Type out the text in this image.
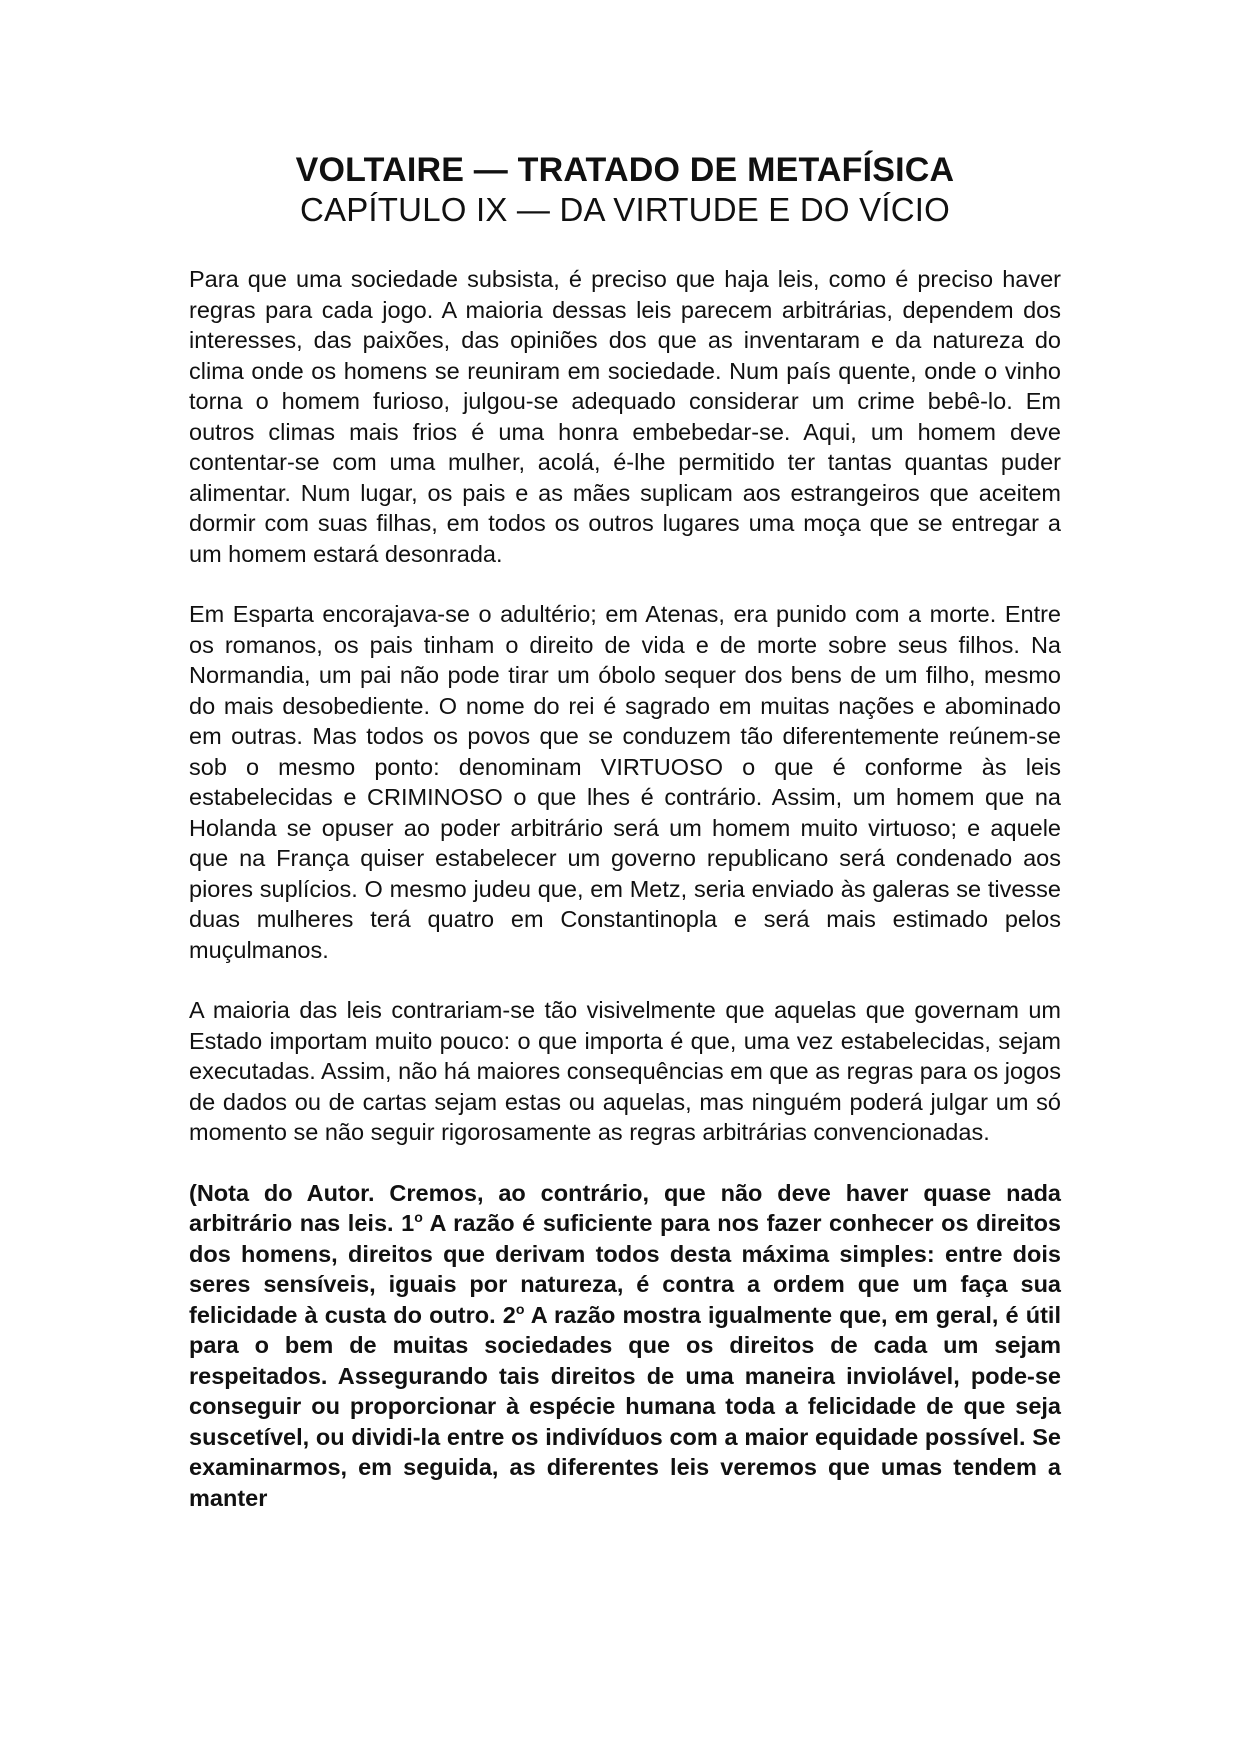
VOLTAIRE — TRATADO DE METAFÍSICA
CAPÍTULO IX — DA VIRTUDE E DO VÍCIO

Para que uma sociedade subsista, é preciso que haja leis, como é preciso haver regras para cada jogo. A maioria dessas leis parecem arbitrárias, dependem dos interesses, das paixões, das opiniões dos que as inventaram e da natureza do clima onde os homens se reuniram em sociedade. Num país quente, onde o vinho torna o homem furioso, julgou-se adequado considerar um crime bebê-lo. Em outros climas mais frios é uma honra embebedar-se. Aqui, um homem deve contentar-se com uma mulher, acolá, é-lhe permitido ter tantas quantas puder alimentar. Num lugar, os pais e as mães suplicam aos estrangeiros que aceitem dormir com suas filhas, em todos os outros lugares uma moça que se entregar a um homem estará desonrada.

Em Esparta encorajava-se o adultério; em Atenas, era punido com a morte. Entre os romanos, os pais tinham o direito de vida e de morte sobre seus filhos. Na Normandia, um pai não pode tirar um óbolo sequer dos bens de um filho, mesmo do mais desobediente. O nome do rei é sagrado em muitas nações e abominado em outras. Mas todos os povos que se conduzem tão diferentemente reúnem-se sob o mesmo ponto: denominam VIRTUOSO o que é conforme às leis estabelecidas e CRIMINOSO o que lhes é contrário. Assim, um homem que na Holanda se opuser ao poder arbitrário será um homem muito virtuoso; e aquele que na França quiser estabelecer um governo republicano será condenado aos piores suplícios. O mesmo judeu que, em Metz, seria enviado às galeras se tivesse duas mulheres terá quatro em Constantinopla e será mais estimado pelos muçulmanos.

A maioria das leis contrariam-se tão visivelmente que aquelas que governam um Estado importam muito pouco: o que importa é que, uma vez estabelecidas, sejam executadas. Assim, não há maiores consequências em que as regras para os jogos de dados ou de cartas sejam estas ou aquelas, mas ninguém poderá julgar um só momento se não seguir rigorosamente as regras arbitrárias convencionadas.

(Nota do Autor. Cremos, ao contrário, que não deve haver quase nada arbitrário nas leis. 1$^o$ A razão é suficiente para nos fazer conhecer os direitos dos homens, direitos que derivam todos desta máxima simples: entre dois seres sensíveis, iguais por natureza, é contra a ordem que um faça sua felicidade à custa do outro. 2$^o$ A razão mostra igualmente que, em geral, é útil para o bem de muitas sociedades que os direitos de cada um sejam respeitados. Assegurando tais direitos de uma maneira inviolável, pode-se conseguir ou proporcionar à espécie humana toda a felicidade de que seja suscetível, ou dividi-la entre os indivíduos com a maior equidade possível. Se examinarmos, em seguida, as diferentes leis veremos que umas tendem a manter
